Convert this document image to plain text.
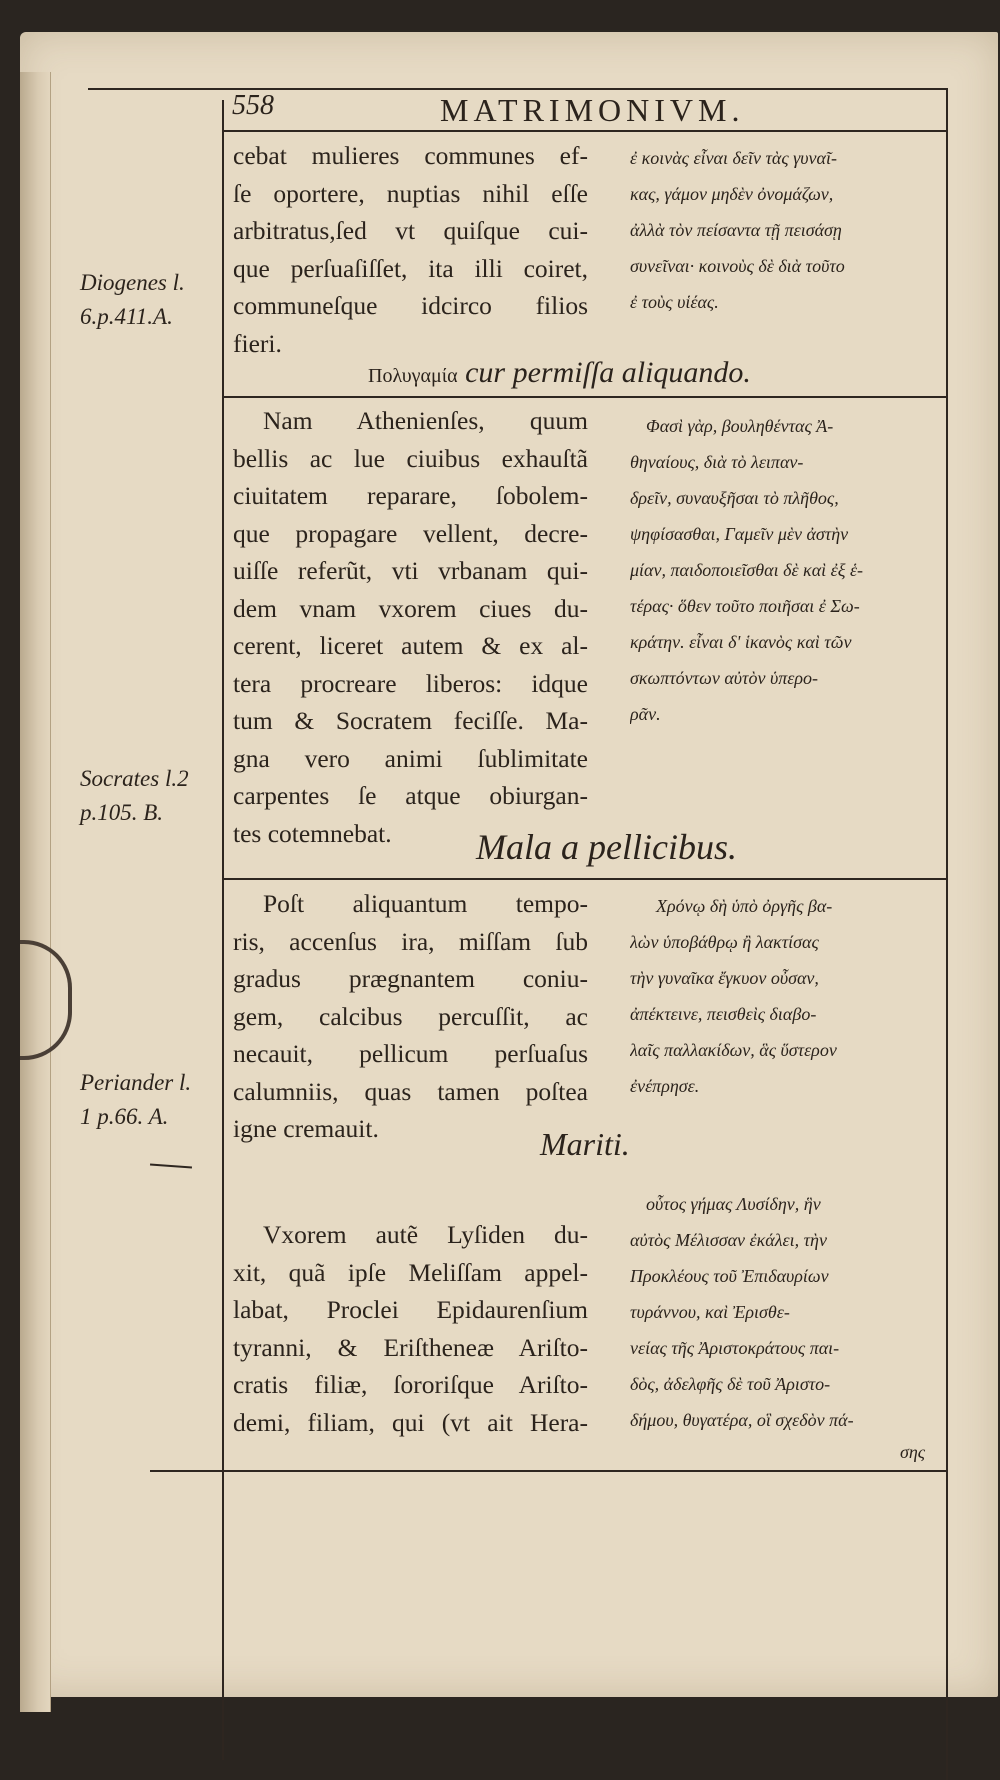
558	MATRIMONIVM.
cebat mulieres communes ef-
ſe oportere, nuptias nihil eſſe
arbitratus,ſed vt quiſque cui-
que perſuaſiſſet, ita illi coiret,
communeſque idcirco filios
fieri.
ἐ κοινὰς εἶναι δεῖν τὰς γυναῖ-
κας, γάμον μηδὲν ὀνομάζων,
ἀλλὰ τὸν πείσαντα τῇ πεισάσῃ
συνεῖναι· κοινοὺς δὲ διὰ τοῦτο
ἐ τοὺς υἱέας.
Diogenes l.
6.p.411.A.
Πολυγαμία cur permiſſa aliquando.
Nam Athenienſes, quum
bellis ac lue ciuibus exhauſtã
ciuitatem reparare, ſobolem-
que propagare vellent, decre-
uiſſe referũt, vti vrbanam qui-
dem vnam vxorem ciues du-
cerent, liceret autem & ex al-
tera procreare liberos: idque
tum & Socratem feciſſe. Ma-
gna vero animi ſublimitate
carpentes ſe atque obiurgan-
tes cotemnebat.
Φασὶ γὰρ, βουληθέντας Ἀ-
θηναίους, διὰ τὸ λειπαν-
δρεῖν, συναυξῆσαι τὸ πλῆθος,
ψηφίσασθαι, Γαμεῖν μὲν ἀστὴν
μίαν, παιδοποιεῖσθαι δὲ καὶ ἐξ ἑ-
τέρας· ὅθεν τοῦτο ποιῆσαι ἐ Σω-
κράτην. εἶναι δ' ἱκανὸς καὶ τῶν
σκωπτόντων αὐτὸν ὑπερο-
ρᾶν.
Socrates l.2
p.105. B.
Mala a pellicibus.
Poſt aliquantum tempo-
ris, accenſus ira, miſſam ſub
gradus prægnantem coniu-
gem, calcibus percuſſit, ac
necauit, pellicum perſuaſus
calumniis, quas tamen poſtea
igne cremauit.
Χρόνῳ δὴ ὑπὸ ὀργῆς βα-
λὼν ὑποβάθρῳ ἢ λακτίσας
τὴν γυναῖκα ἔγκυον οὖσαν,
ἀπέκτεινε, πεισθεὶς διαβο-
λαῖς παλλακίδων, ἃς ὕστερον
ἐνέπρησε.
Periander l.
1 p.66. A.
Mariti.
Vxorem autẽ Lyſiden du-
xit, quã ipſe Meliſſam appel-
labat, Proclei Epidaurenſium
tyranni, & Eriſtheneæ Ariſto-
cratis filiæ, ſororiſque Ariſto-
demi, filiam, qui (vt ait Hera-
οὗτος γήμας Λυσίδην, ἣν
αὐτὸς Μέλισσαν ἐκάλει, τὴν
Προκλέους τοῦ Ἐπιδαυρίων
τυράννου, καὶ Ἐρισθε-
νείας τῆς Ἀριστοκράτους παι-
δὸς, ἀδελφῆς δὲ τοῦ Ἀριστο-
δήμου, θυγατέρα, οἳ σχεδὸν πά-
σης
